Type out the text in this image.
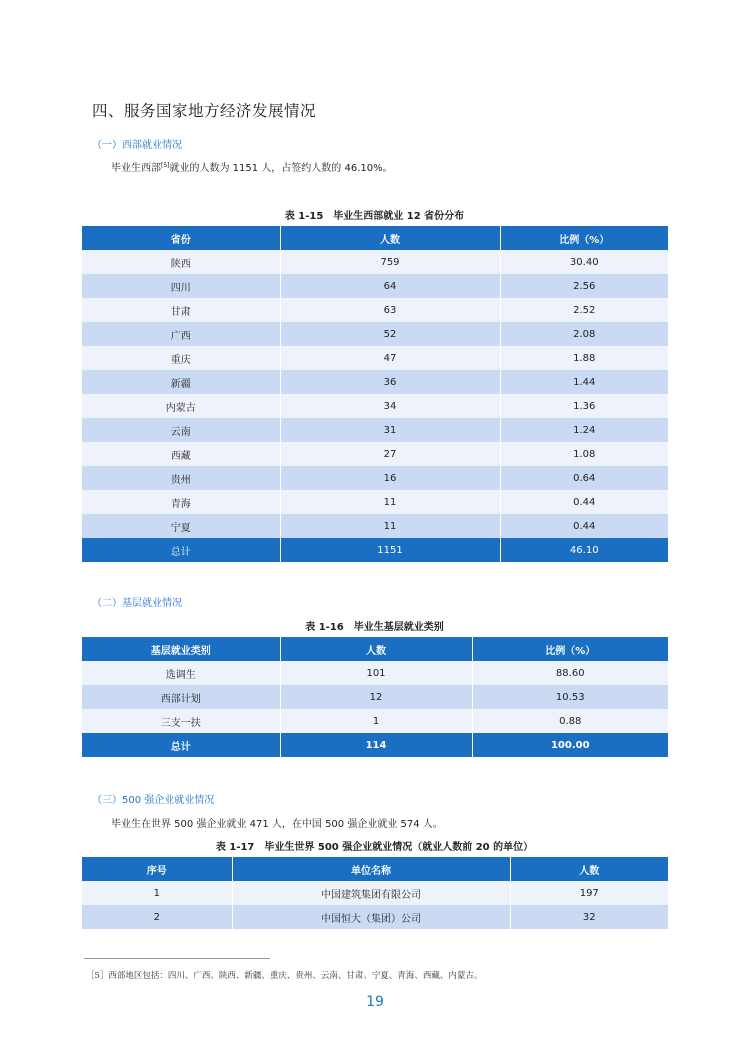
四、服务国家地方经济发展情况
（一）西部就业情况
毕业生西部[5]就业的人数为 1151 人，占签约人数的 46.10%。
表 1-15　毕业生西部就业 12 省份分布
省份	人数	比例（%）
陕西	759	30.40
四川	64	2.56
甘肃	63	2.52
广西	52	2.08
重庆	47	1.88
新疆	36	1.44
内蒙古	34	1.36
云南	31	1.24
西藏	27	1.08
贵州	16	0.64
青海	11	0.44
宁夏	11	0.44
总计	1151	46.10
（二）基层就业情况
表 1-16　毕业生基层就业类别
基层就业类别	人数	比例（%）
选调生	101	88.60
西部计划	12	10.53
三支一扶	1	0.88
总计	114	100.00
（三）500 强企业就业情况
毕业生在世界 500 强企业就业 471 人，在中国 500 强企业就业 574 人。
表 1-17　毕业生世界 500 强企业就业情况（就业人数前 20 的单位）
序号	单位名称	人数
1	中国建筑集团有限公司	197
2	中国恒大（集团）公司	32
［5］西部地区包括：四川、广西、陕西、新疆、重庆、贵州、云南、甘肃、宁夏、青海、西藏、内蒙古。
19
